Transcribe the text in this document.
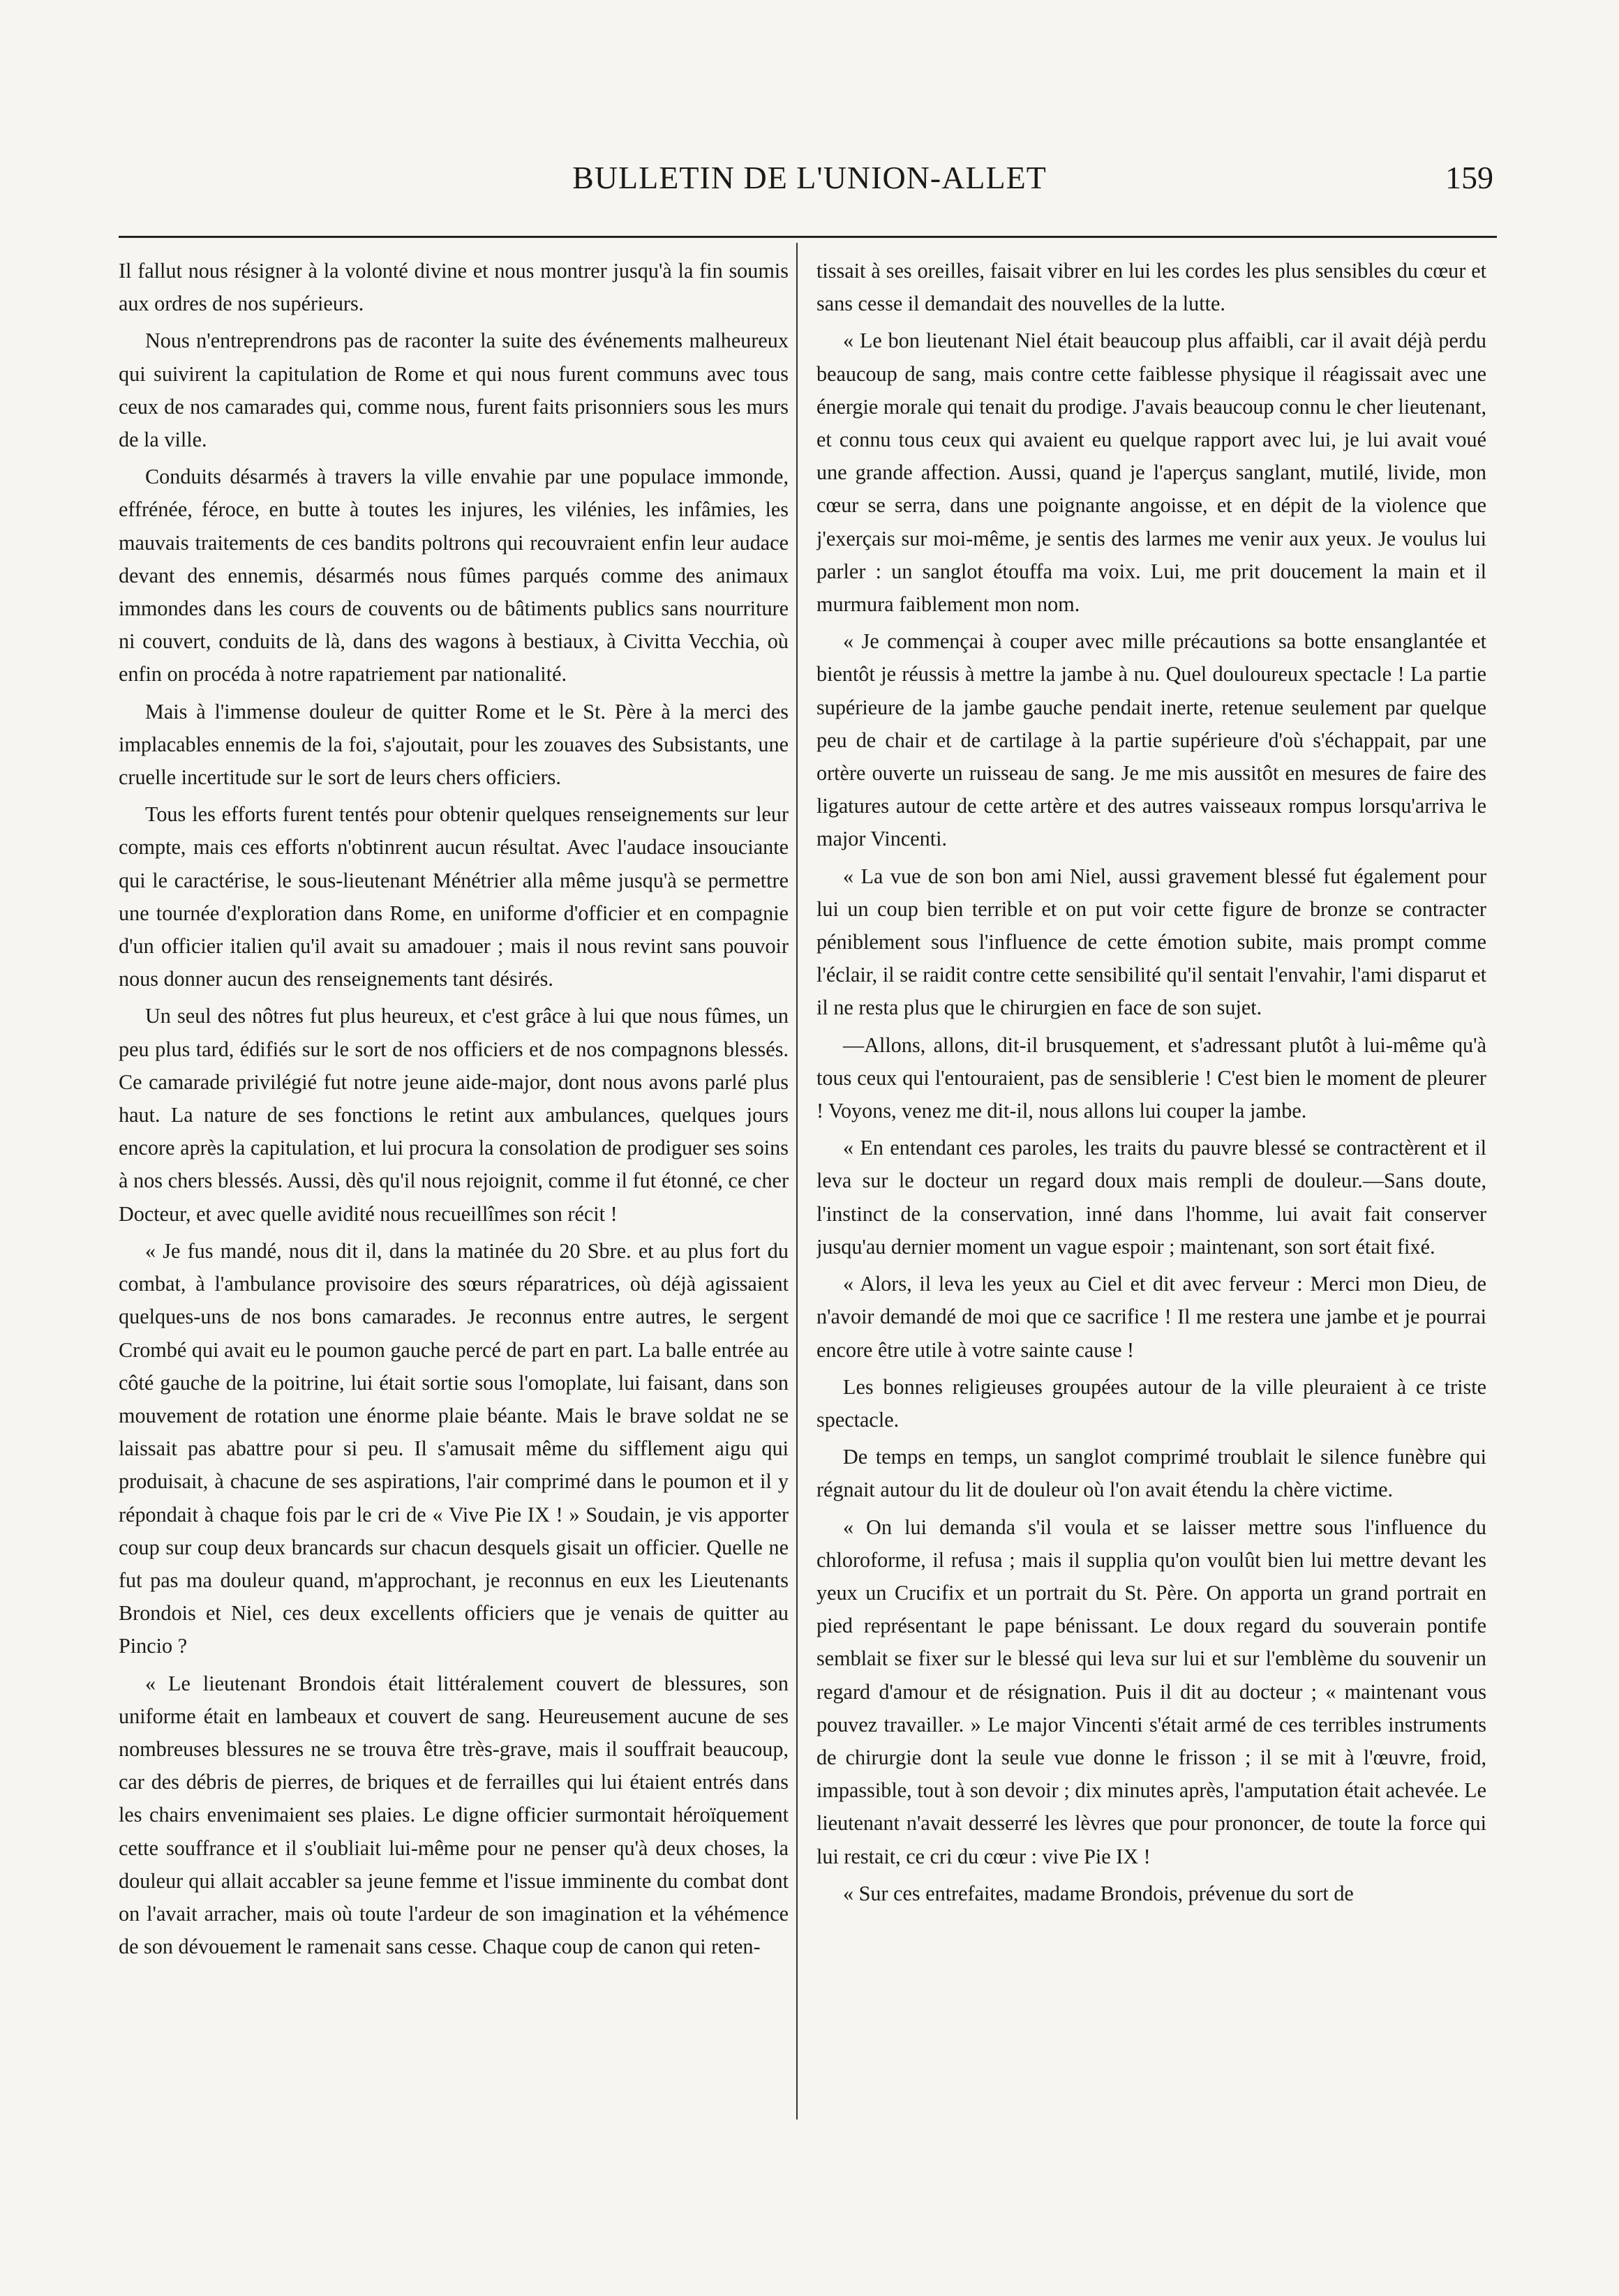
BULLETIN DE L'UNION-ALLET	159

Il fallut nous résigner à la volonté divine et nous montrer jusqu'à la fin soumis aux ordres de nos supérieurs.

Nous n'entreprendrons pas de raconter la suite des événements malheureux qui suivirent la capitulation de Rome et qui nous furent communs avec tous ceux de nos camarades qui, comme nous, furent faits prisonniers sous les murs de la ville.

Conduits désarmés à travers la ville envahie par une populace immonde, effrénée, féroce, en butte à toutes les injures, les vilénies, les infâmies, les mauvais traitements de ces bandits poltrons qui recouvraient enfin leur audace devant des ennemis, désarmés nous fûmes parqués comme des animaux immondes dans les cours de couvents ou de bâtiments publics sans nourriture ni couvert, conduits de là, dans des wagons à bestiaux, à Civitta Vecchia, où enfin on procéda à notre rapatriement par nationalité.

Mais à l'immense douleur de quitter Rome et le St. Père à la merci des implacables ennemis de la foi, s'ajoutait, pour les zouaves des Subsistants, une cruelle incertitude sur le sort de leurs chers officiers.

Tous les efforts furent tentés pour obtenir quelques renseignements sur leur compte, mais ces efforts n'obtinrent aucun résultat. Avec l'audace insouciante qui le caractérise, le sous-lieutenant Ménétrier alla même jusqu'à se permettre une tournée d'exploration dans Rome, en uniforme d'officier et en compagnie d'un officier italien qu'il avait su amadouer ; mais il nous revint sans pouvoir nous donner aucun des renseignements tant désirés.

Un seul des nôtres fut plus heureux, et c'est grâce à lui que nous fûmes, un peu plus tard, édifiés sur le sort de nos officiers et de nos compagnons blessés. Ce camarade privilégié fut notre jeune aide-major, dont nous avons parlé plus haut. La nature de ses fonctions le retint aux ambulances, quelques jours encore après la capitulation, et lui procura la consolation de prodiguer ses soins à nos chers blessés. Aussi, dès qu'il nous rejoignit, comme il fut étonné, ce cher Docteur, et avec quelle avidité nous recueillîmes son récit !

« Je fus mandé, nous dit il, dans la matinée du 20 Sbre. et au plus fort du combat, à l'ambulance provisoire des sœurs réparatrices, où déjà agissaient quelques-uns de nos bons camarades. Je reconnus entre autres, le sergent Crombé qui avait eu le poumon gauche percé de part en part. La balle entrée au côté gauche de la poitrine, lui était sortie sous l'omoplate, lui faisant, dans son mouvement de rotation une énorme plaie béante. Mais le brave soldat ne se laissait pas abattre pour si peu. Il s'amusait même du sifflement aigu qui produisait, à chacune de ses aspirations, l'air comprimé dans le poumon et il y répondait à chaque fois par le cri de « Vive Pie IX ! » Soudain, je vis apporter coup sur coup deux brancards sur chacun desquels gisait un officier. Quelle ne fut pas ma douleur quand, m'approchant, je reconnus en eux les Lieutenants Brondois et Niel, ces deux excellents officiers que je venais de quitter au Pincio ?

« Le lieutenant Brondois était littéralement couvert de blessures, son uniforme était en lambeaux et couvert de sang. Heureusement aucune de ses nombreuses blessures ne se trouva être très-grave, mais il souffrait beaucoup, car des débris de pierres, de briques et de ferrailles qui lui étaient entrés dans les chairs envenimaient ses plaies. Le digne officier surmontait héroïquement cette souffrance et il s'oubliait lui-même pour ne penser qu'à deux choses, la douleur qui allait accabler sa jeune femme et l'issue imminente du combat dont on l'avait arracher, mais où toute l'ardeur de son imagination et la véhémence de son dévouement le ramenait sans cesse. Chaque coup de canon qui reten-

tissait à ses oreilles, faisait vibrer en lui les cordes les plus sensibles du cœur et sans cesse il demandait des nouvelles de la lutte.

« Le bon lieutenant Niel était beaucoup plus affaibli, car il avait déjà perdu beaucoup de sang, mais contre cette faiblesse physique il réagissait avec une énergie morale qui tenait du prodige. J'avais beaucoup connu le cher lieutenant, et connu tous ceux qui avaient eu quelque rapport avec lui, je lui avait voué une grande affection. Aussi, quand je l'aperçus sanglant, mutilé, livide, mon cœur se serra, dans une poignante angoisse, et en dépit de la violence que j'exerçais sur moi-même, je sentis des larmes me venir aux yeux. Je voulus lui parler : un sanglot étouffa ma voix. Lui, me prit doucement la main et il murmura faiblement mon nom.

« Je commençai à couper avec mille précautions sa botte ensanglantée et bientôt je réussis à mettre la jambe à nu. Quel douloureux spectacle ! La partie supérieure de la jambe gauche pendait inerte, retenue seulement par quelque peu de chair et de cartilage à la partie supérieure d'où s'échappait, par une ortère ouverte un ruisseau de sang. Je me mis aussitôt en mesures de faire des ligatures autour de cette artère et des autres vaisseaux rompus lorsqu'arriva le major Vincenti.

« La vue de son bon ami Niel, aussi gravement blessé fut également pour lui un coup bien terrible et on put voir cette figure de bronze se contracter péniblement sous l'influence de cette émotion subite, mais prompt comme l'éclair, il se raidit contre cette sensibilité qu'il sentait l'envahir, l'ami disparut et il ne resta plus que le chirurgien en face de son sujet.

—Allons, allons, dit-il brusquement, et s'adressant plutôt à lui-même qu'à tous ceux qui l'entouraient, pas de sensiblerie ! C'est bien le moment de pleurer ! Voyons, venez me dit-il, nous allons lui couper la jambe.

« En entendant ces paroles, les traits du pauvre blessé se contractèrent et il leva sur le docteur un regard doux mais rempli de douleur.—Sans doute, l'instinct de la conservation, inné dans l'homme, lui avait fait conserver jusqu'au dernier moment un vague espoir ; maintenant, son sort était fixé.

« Alors, il leva les yeux au Ciel et dit avec ferveur : Merci mon Dieu, de n'avoir demandé de moi que ce sacrifice ! Il me restera une jambe et je pourrai encore être utile à votre sainte cause !

Les bonnes religieuses groupées autour de la ville pleuraient à ce triste spectacle.

De temps en temps, un sanglot comprimé troublait le silence funèbre qui régnait autour du lit de douleur où l'on avait étendu la chère victime.

« On lui demanda s'il voula et se laisser mettre sous l'influence du chloroforme, il refusa ; mais il supplia qu'on voulût bien lui mettre devant les yeux un Crucifix et un portrait du St. Père. On apporta un grand portrait en pied représentant le pape bénissant. Le doux regard du souverain pontife semblait se fixer sur le blessé qui leva sur lui et sur l'emblème du souvenir un regard d'amour et de résignation. Puis il dit au docteur ; « maintenant vous pouvez travailler. » Le major Vincenti s'était armé de ces terribles instruments de chirurgie dont la seule vue donne le frisson ; il se mit à l'œuvre, froid, impassible, tout à son devoir ; dix minutes après, l'amputation était achevée. Le lieutenant n'avait desserré les lèvres que pour prononcer, de toute la force qui lui restait, ce cri du cœur : vive Pie IX !

« Sur ces entrefaites, madame Brondois, prévenue du sort de
